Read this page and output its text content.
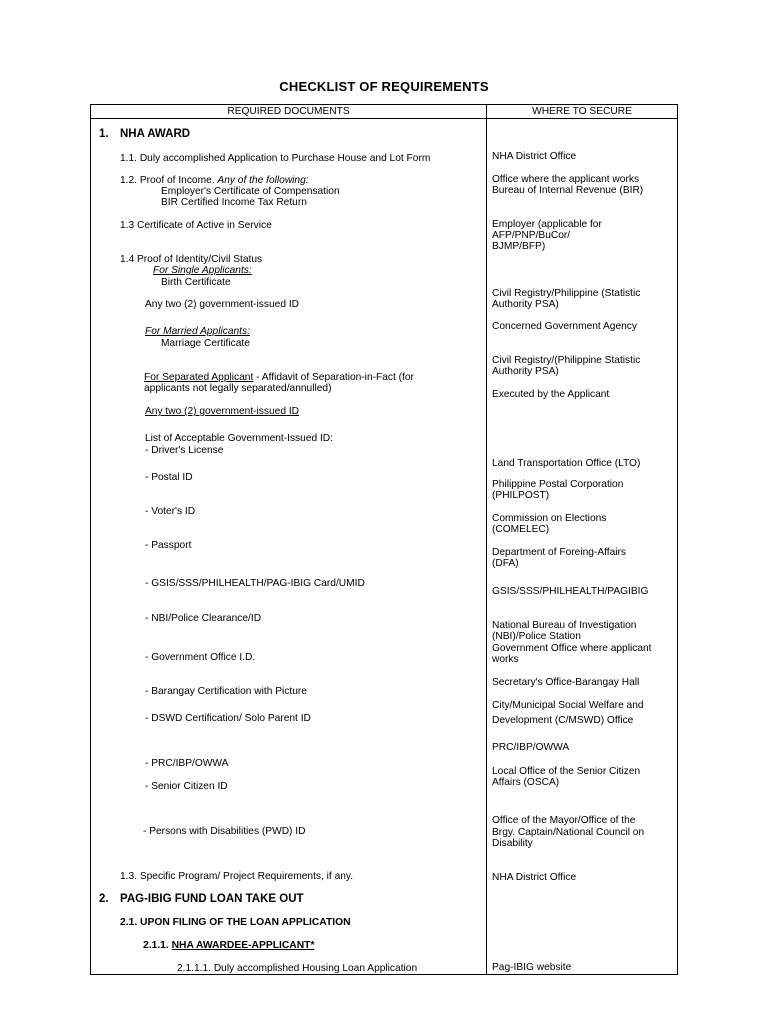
CHECKLIST OF REQUIREMENTS
REQUIRED DOCUMENTS	WHERE TO SECURE
1. NHA AWARD
1.1. Duly accomplished Application to Purchase House and Lot Form
1.2. Proof of Income. Any of the following:
Employer's Certificate of Compensation
BIR Certified Income Tax Return
1.3 Certificate of Active in Service
1.4 Proof of Identity/Civil Status
For Single Applicants:
Birth Certificate
Any two (2) government-issued ID
For Married Applicants:
Marriage Certificate
For Separated Applicant - Affidavit of Separation-in-Fact (for
applicants not legally separated/annulled)
Any two (2) government-issued ID
List of Acceptable Government-Issued ID:
- Driver's License
- Postal ID
- Voter's ID
- Passport
- GSIS/SSS/PHILHEALTH/PAG-IBIG Card/UMID
- NBI/Police Clearance/ID
- Government Office I.D.
- Barangay Certification with Picture
- DSWD Certification/ Solo Parent ID
- PRC/IBP/OWWA
- Senior Citizen ID
- Persons with Disabilities (PWD) ID
1.3. Specific Program/ Project Requirements, if any.
2. PAG-IBIG FUND LOAN TAKE OUT
2.1. UPON FILING OF THE LOAN APPLICATION
2.1.1. NHA AWARDEE-APPLICANT*
2.1.1.1. Duly accomplished Housing Loan Application
NHA District Office
Office where the applicant works
Bureau of Internal Revenue (BIR)
Employer (applicable for
AFP/PNP/BuCor/
BJMP/BFP)
Civil Registry/Philippine (Statistic
Authority PSA)
Concerned Government Agency
Civil Registry/(Philippine Statistic
Authority PSA)
Executed by the Applicant
Land Transportation Office (LTO)
Philippine Postal Corporation
(PHILPOST)
Commission on Elections
(COMELEC)
Department of Foreing-Affairs
(DFA)
GSIS/SSS/PHILHEALTH/PAGIBIG
National Bureau of Investigation
(NBI)/Police Station
Government Office where applicant
works
Secretary's Office-Barangay Hall
City/Municipal Social Welfare and
Development (C/MSWD) Office
PRC/IBP/OWWA
Local Office of the Senior Citizen
Affairs (OSCA)
Office of the Mayor/Office of the
Brgy. Captain/National Council on
Disability
NHA District Office
Pag-IBIG website
